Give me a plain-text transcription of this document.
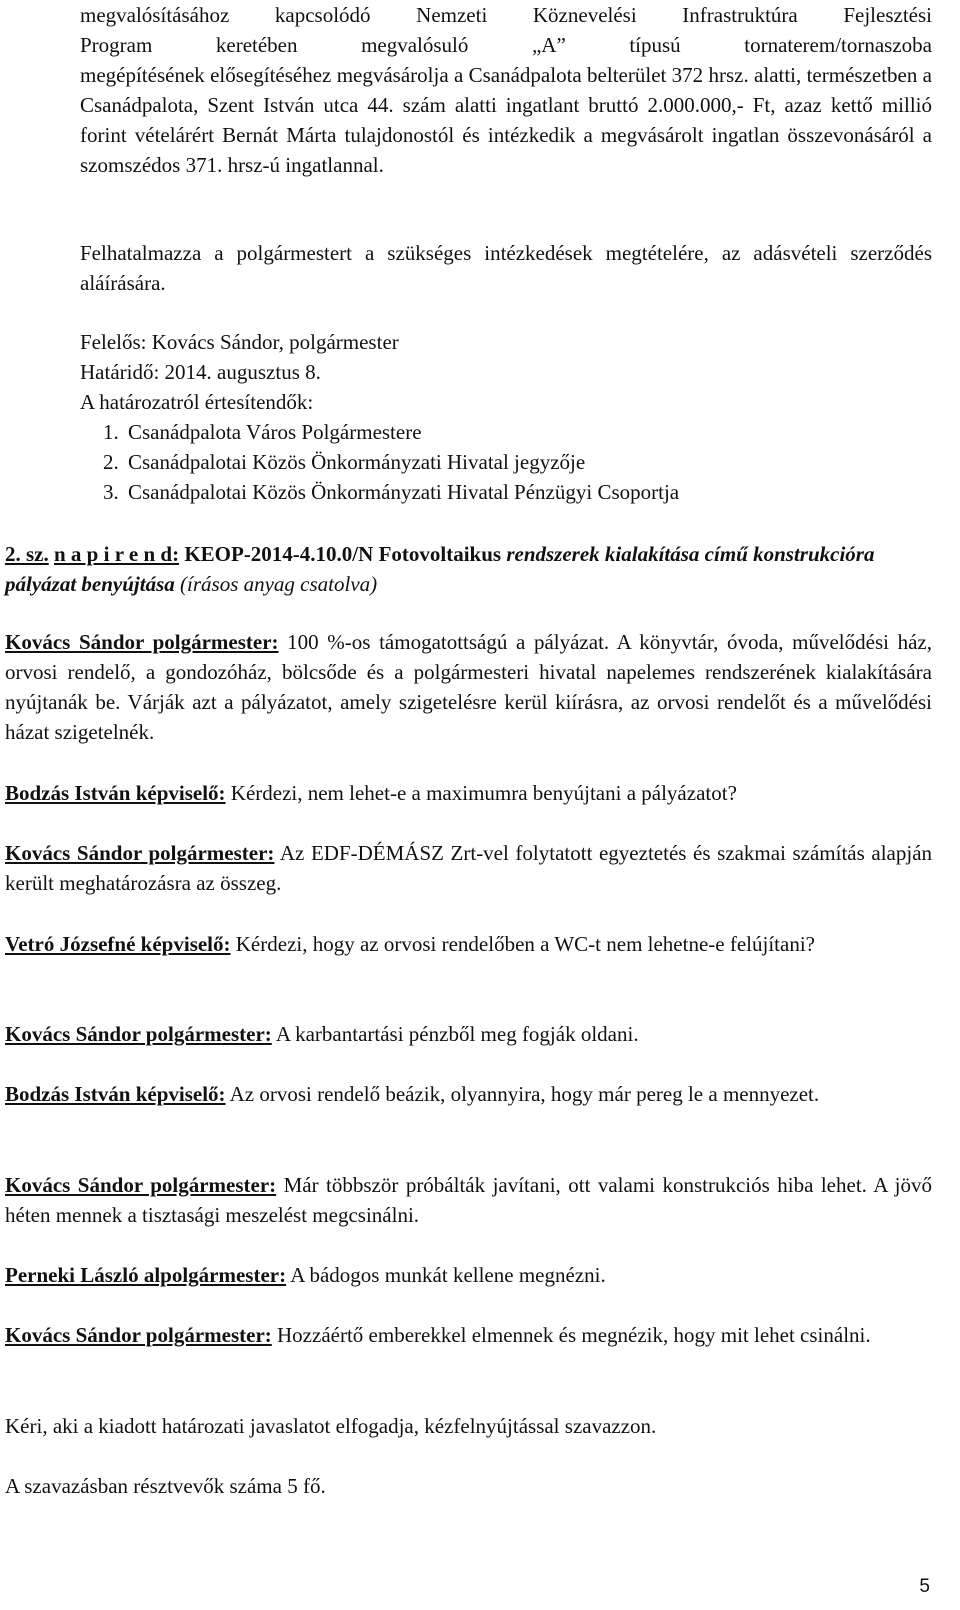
megvalósításához kapcsolódó Nemzeti Köznevelési Infrastruktúra Fejlesztési

Program keretében megvalósuló „A” típusú tornaterem/tornaszoba

megépítésének elősegítéséhez megvásárolja a Csanádpalota belterület 372 hrsz. alatti, természetben a Csanádpalota, Szent István utca 44. szám alatti ingatlant bruttó 2.000.000,- Ft, azaz kettő millió forint vételárért Bernát Márta tulajdonostól és intézkedik a megvásárolt ingatlan összevonásáról a szomszédos 371. hrsz-ú ingatlannal.

Felhatalmazza a polgármestert a szükséges intézkedések megtételére, az adásvételi szerződés aláírására.

Felelős: Kovács Sándor, polgármester

Határidő: 2014. augusztus 8.

A határozatról értesítendők:

1. Csanádpalota Város Polgármestere
2. Csanádpalotai Közös Önkormányzati Hivatal jegyzője
3. Csanádpalotai Közös Önkormányzati Hivatal Pénzügyi Csoportja

2. sz. n a p i r e n d: KEOP-2014-4.10.0/N Fotovoltaikus rendszerek kialakítása című konstrukcióra pályázat benyújtása (írásos anyag csatolva)

Kovács Sándor polgármester: 100 %-os támogatottságú a pályázat. A könyvtár, óvoda, művelődési ház, orvosi rendelő, a gondozóház, bölcsőde és a polgármesteri hivatal napelemes rendszerének kialakítására nyújtanák be. Várják azt a pályázatot, amely szigetelésre kerül kiírásra, az orvosi rendelőt és a művelődési házat szigetelnék.

Bodzás István képviselő: Kérdezi, nem lehet-e a maximumra benyújtani a pályázatot?

Kovács Sándor polgármester: Az EDF-DÉMÁSZ Zrt-vel folytatott egyeztetés és szakmai számítás alapján került meghatározásra az összeg.

Vetró Józsefné képviselő: Kérdezi, hogy az orvosi rendelőben a WC-t nem lehetne-e felújítani?

Kovács Sándor polgármester: A karbantartási pénzből meg fogják oldani.

Bodzás István képviselő: Az orvosi rendelő beázik, olyannyira, hogy már pereg le a mennyezet.

Kovács Sándor polgármester: Már többször próbálták javítani, ott valami konstrukciós hiba lehet. A jövő héten mennek a tisztasági meszelést megcsinálni.

Perneki László alpolgármester: A bádogos munkát kellene megnézni.

Kovács Sándor polgármester: Hozzáértő emberekkel elmennek és megnézik, hogy mit lehet csinálni.

Kéri, aki a kiadott határozati javaslatot elfogadja, kézfelnyújtással szavazzon.

A szavazásban résztvevők száma 5 fő.

5
